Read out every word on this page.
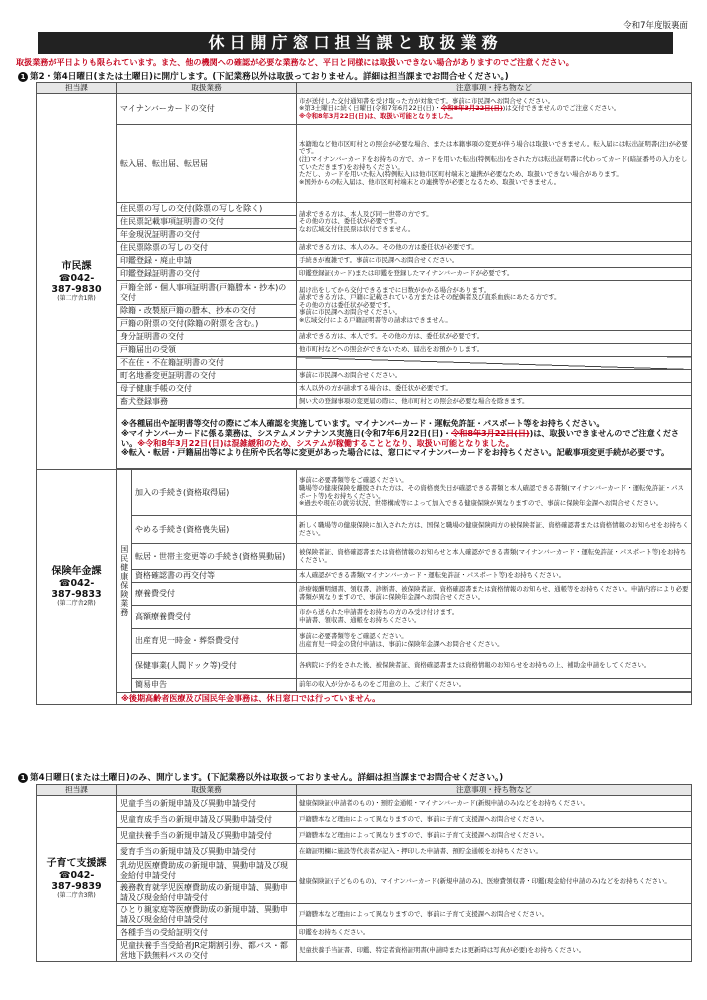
令和7年度版裏面
休日開庁窓口担当課と取扱業務
取扱業務が平日よりも限られています。また、他の機関への確認が必要な業務など、平日と同様には取扱いできない場合がありますのでご注意ください。
1 第2・第4日曜日(または土曜日)に開庁します。(下記業務以外は取扱っておりません。詳細は担当課までお問合せください。)
担当課	取扱業務		注意事項・持ち物など

市民課
☎042-
387-9830
(第二庁舎1階)	マイナンバーカードの交付		市が送付した交付通知書を受け取った方が対象です。事前に市民課へお問合せください。
※第3土曜日に続く日曜日(令和7年6月22日(日)・令和8年3月22日(日))は交付できませんのでご注意ください。
※令和8年3月22日(日)は、取扱い可能となりました。
	転入届、転出届、転居届		本籍地など他市区町村との照会が必要な場合、または本籍事項の変更が伴う場合は取扱いできません。転入届には転出証明書(注)が必要です。
(注)マイナンバーカードをお持ちの方で、カードを用いた転出(特例転出)をされた方は転出証明書に代わってカード(暗証番号の入力をしていただきます)をお持ちください。
ただし、カードを用いた転入(特例転入)は他市区町村端末と連携が必要なため、取扱いできない場合があります。
※国外からの転入届は、他市区町村端末との連携等が必要となるため、取扱いできません。
	住民票の写しの交付(除票の写しを除く)		請求できる方は、本人及び同一世帯の方です。
その他の方は、委任状が必要です。
なお広域交付住民票は状付できません。
	住民票記載事項証明書の交付		
	年金現況証明書の交付		
	住民票除票の写しの交付		請求できる方は、本人のみ。その他の方は委任状が必要です。
	印鑑登録・廃止申請		手続きが複雑です。事前に市民課へお問合せください。
	印鑑登録証明書の交付		印鑑登録証(カード)または印鑑を登録したマイナンバーカードが必要です。
	戸籍全部・個人事項証明書(戸籍謄本・抄本)の交付		届け出をしてから交付できるまでに日数がかかる場合があります。
請求できる方は、戸籍に記載されている方またはその配偶者及び直系血族にあたる方です。
その他の方は委任状が必要です。
事前に市民課へお問合せください。
※広域交付による戸籍証明書等の請求はできません。
	除籍・改製原戸籍の謄本、抄本の交付		
	戸籍の附票の交付(除籍の附票を含む。)		
	身分証明書の交付		請求できる方は、本人です。その他の方は、委任状が必要です。
	戸籍届出の受領		他市町村などへの照会ができないため、届出をお預かりします。
	不在住・不在籍証明書の交付		
	町名地番変更証明書の交付		事前に市民課へお問合せください。
	母子健康手帳の交付		本人以外の方が請求する場合は、委任状が必要です。
	畜犬登録事務		飼い犬の登録事項の変更届の際に、他市町村との照会が必要な場合を除きます。
	※各種届出や証明書等交付の際にご本人確認を実施しています。マイナンバーカード・運転免許証・パスポート等をお持ちください。
※マイナンバーカードに係る業務は、システムメンテナンス実施日(令和7年6月22日(日)・令和8年3月22日(日))は、取扱いできませんのでご注意ください。※令和8年3月22日(日)は混雑緩和のため、システムが稼働することとなり、取扱い可能となりました。
※転入・転居・戸籍届出等により住所や氏名等に変更があった場合には、窓口にマイナンバーカードをお持ちください。記載事項変更手続が必要です。		

保険年金課
☎042-
387-9833
(第二庁舎2階)	国民健康保険業務	加入の手続き(資格取得届)	事前に必要書類等をご確認ください。
職場等の健康保険を離脱された方は、その資格喪失日が確認できる書類と本人確認できる書類(マイナンバーカード・運転免許証・パスポート等)をお持ちください。
※過去や現在の就労状況、世帯構成等によって加入できる健康保険が異なりますので、事前に保険年金課へお問合せください。
		やめる手続き(資格喪失届)	新しく職場等の健康保険に加入された方は、国保と職場の健康保険両方の被保険者証、資格確認書または資格情報のお知らせをお持ちください。
		転居・世帯主変更等の手続き(資格異動届)	被保険者証、資格確認書または資格情報のお知らせと本人確認ができる書類(マイナンバーカード・運転免許証・パスポート等)をお持ちください。
		資格確認書の再交付等	本人確認ができる書類(マイナンバーカード・運転免許証・パスポート等)をお持ちください。
		療養費受付	診療報酬明細書、領収書、診断書、被保険者証、資格確認書または資格情報のお知らせ、通帳等をお持ちください。申請内容により必要書類が異なりますので、事前に保険年金課へお問合せください。
		高額療養費受付	市から送られた申請書をお持ちの方のみ受け付けます。
申請書、領収書、通帳をお持ちください。
		出産育児一時金・葬祭費受付	事前に必要書類等をご確認ください。
出産育児一時金の貸付申請は、事前に保険年金課へお問合せください。
		保健事業(人間ドック等)受付	各病院に予約をされた後、被保険者証、資格確認書または資格情報のお知らせをお持ちの上、補助金申請をしてください。
		簡易申告	前年の収入が分かるものをご用意の上、ご来庁ください。

	※後期高齢者医療及び国民年金事務は、休日窓口では行っていません。		
1 第4日曜日(または土曜日)のみ、開庁します。(下記業務以外は取扱っておりません。詳細は担当課までお問合せください。)
担当課	取扱業務	注意事項・持ち物など

子育て支援課
☎042-
387-9839
(第二庁舎3階)	児童手当の新規申請及び異動申請受付	健康保険証(申請者のもの)・預貯金通帳・マイナンバーカード(新規申請のみ)などをお持ちください。
	児童育成手当の新規申請及び異動申請受付	戸籍謄本など理由によって異なりますので、事前に子育て支援課へお問合せください。
	児童扶養手当の新規申請及び異動申請受付	戸籍謄本など理由によって異なりますので、事前に子育て支援課へお問合せください。
	愛育手当の新規申請及び異動申請受付	在籍証明欄に施設等代表者が記入・押印した申請書、預貯金通帳をお持ちください。
	乳幼児医療費助成の新規申請、異動申請及び現金給付申請受付	健康保険証(子どものもの)、マイナンバーカード(新規申請のみ)、医療費領収書・印鑑(現金給付申請のみ)などをお持ちください。
	義務教育就学児医療費助成の新規申請、異動申請及び現金給付申請受付	
	ひとり親家庭等医療費助成の新規申請、異動申請及び現金給付申請受付	戸籍謄本など理由によって異なりますので、事前に子育て支援課へお問合せください。
	各種手当の受給証明交付	印鑑をお持ちください。
	児童扶養手当受給者JR定期割引券、都バス・都営地下鉄無料パスの交付	児童扶養手当証書、印鑑、特定者資格証明書(申請時または更新時は写真が必要)をお持ちください。
